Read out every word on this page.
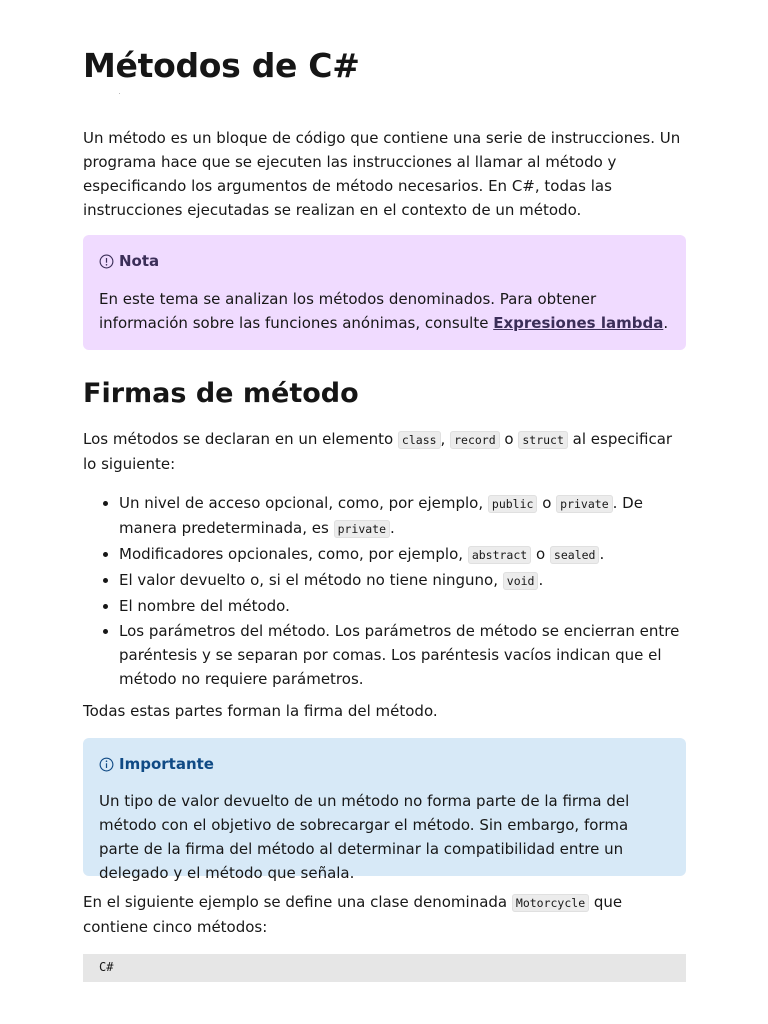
Métodos de C#

Un método es un bloque de código que contiene una serie de instrucciones. Un programa hace que se ejecuten las instrucciones al llamar al método y especificando los argumentos de método necesarios. En C#, todas las instrucciones ejecutadas se realizan en el contexto de un método.

Nota
En este tema se analizan los métodos denominados. Para obtener información sobre las funciones anónimas, consulte Expresiones lambda.
Firmas de método

Los métodos se declaran en un elemento class , record o struct al especificar lo siguiente:

• Un nivel de acceso opcional, como, por ejemplo, public o private . De manera predeterminada, es private .
• Modificadores opcionales, como, por ejemplo, abstract o sealed .
• El valor devuelto o, si el método no tiene ninguno, void .
• El nombre del método.
• Los parámetros del método. Los parámetros de método se encierran entre paréntesis y se separan por comas. Los paréntesis vacíos indican que el método no requiere parámetros.

Todas estas partes forman la firma del método.

Importante
Un tipo de valor devuelto de un método no forma parte de la firma del método con el objetivo de sobrecargar el método. Sin embargo, forma parte de la firma del método al determinar la compatibilidad entre un delegado y el método que señala.

En el siguiente ejemplo se define una clase denominada Motorcycle que contiene cinco métodos:

C#
